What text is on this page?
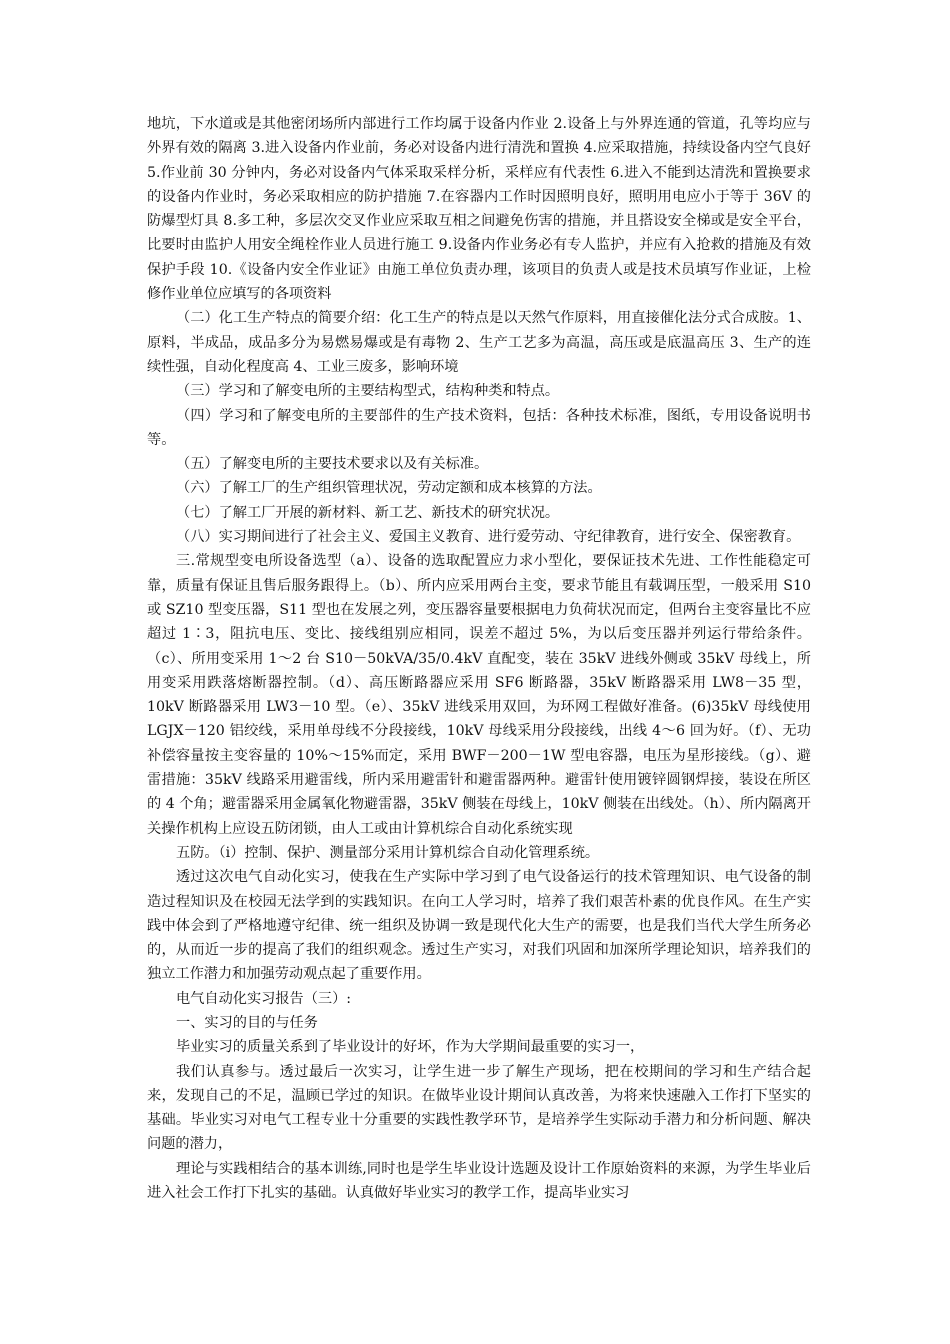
地坑，下水道或是其他密闭场所内部进行工作均属于设备内作业 2.设备上与外界连通的管道，孔等均应与外界有效的隔离 3.进入设备内作业前，务必对设备内进行清洗和置换 4.应采取措施，持续设备内空气良好 5.作业前 30 分钟内，务必对设备内气体采取采样分析，采样应有代表性 6.进入不能到达清洗和置换要求的设备内作业时，务必采取相应的防护措施 7.在容器内工作时因照明良好，照明用电应小于等于 36V 的防爆型灯具 8.多工种，多层次交叉作业应采取互相之间避免伤害的措施，并且搭设安全梯或是安全平台，比要时由监护人用安全绳栓作业人员进行施工 9.设备内作业务必有专人监护，并应有入抢救的措施及有效保护手段 10.《设备内安全作业证》由施工单位负责办理，该项目的负责人或是技术员填写作业证，上检修作业单位应填写的各项资料

（二）化工生产特点的简要介绍：化工生产的特点是以天然气作原料，用直接催化法分式合成胺。1、原料，半成品，成品多分为易燃易爆或是有毒物 2、生产工艺多为高温，高压或是底温高压 3、生产的连续性强，自动化程度高 4、工业三废多，影响环境

（三）学习和了解变电所的主要结构型式，结构种类和特点。

（四）学习和了解变电所的主要部件的生产技术资料，包括：各种技术标准，图纸，专用设备说明书等。

（五）了解变电所的主要技术要求以及有关标准。

（六）了解工厂的生产组织管理状况，劳动定额和成本核算的方法。

（七）了解工厂开展的新材料、新工艺、新技术的研究状况。

（八）实习期间进行了社会主义、爱国主义教育、进行爱劳动、守纪律教育，进行安全、保密教育。

三.常规型变电所设备选型（a）、设备的选取配置应力求小型化，要保证技术先进、工作性能稳定可靠，质量有保证且售后服务跟得上。（b）、所内应采用两台主变，要求节能且有载调压型，一般采用 S10 或 SZ10 型变压器，S11 型也在发展之列，变压器容量要根据电力负荷状况而定，但两台主变容量比不应超过 1∶3，阻抗电压、变比、接线组别应相同，误差不超过 5%，为以后变压器并列运行带给条件。（c）、所用变采用 1～2 台 S10－50kVA/35/0.4kV 直配变，装在 35kV 进线外侧或 35kV 母线上，所用变采用跌落熔断器控制。（d）、高压断路器应采用 SF6 断路器，35kV 断路器采用 LW8－35 型，10kV 断路器采用 LW3－10 型。（e）、35kV 进线采用双回，为环网工程做好准备。(6)35kV 母线使用 LGJX－120 铝绞线，采用单母线不分段接线，10kV 母线采用分段接线，出线 4～6 回为好。（f）、无功补偿容量按主变容量的 10%～15%而定，采用 BWF－200－1W 型电容器，电压为星形接线。（g）、避雷措施：35kV 线路采用避雷线，所内采用避雷针和避雷器两种。避雷针使用镀锌圆钢焊接，装设在所区的 4 个角；避雷器采用金属氧化物避雷器，35kV 侧装在母线上，10kV 侧装在出线处。（h）、所内隔离开关操作机构上应设五防闭锁，由人工或由计算机综合自动化系统实现

五防。（i）控制、保护、测量部分采用计算机综合自动化管理系统。

透过这次电气自动化实习，使我在生产实际中学习到了电气设备运行的技术管理知识、电气设备的制造过程知识及在校园无法学到的实践知识。在向工人学习时，培养了我们艰苦朴素的优良作风。在生产实践中体会到了严格地遵守纪律、统一组织及协调一致是现代化大生产的需要，也是我们当代大学生所务必的，从而近一步的提高了我们的组织观念。透过生产实习，对我们巩固和加深所学理论知识，培养我们的独立工作潜力和加强劳动观点起了重要作用。

电气自动化实习报告（三）:

一、实习的目的与任务

毕业实习的质量关系到了毕业设计的好坏，作为大学期间最重要的实习一，

我们认真参与。透过最后一次实习，让学生进一步了解生产现场，把在校期间的学习和生产结合起来，发现自己的不足，温顾已学过的知识。在做毕业设计期间认真改善，为将来快速融入工作打下坚实的基础。毕业实习对电气工程专业十分重要的实践性教学环节，是培养学生实际动手潜力和分析问题、解决问题的潜力，

理论与实践相结合的基本训练,同时也是学生毕业设计选题及设计工作原始资料的来源，为学生毕业后进入社会工作打下扎实的基础。认真做好毕业实习的教学工作，提高毕业实习
